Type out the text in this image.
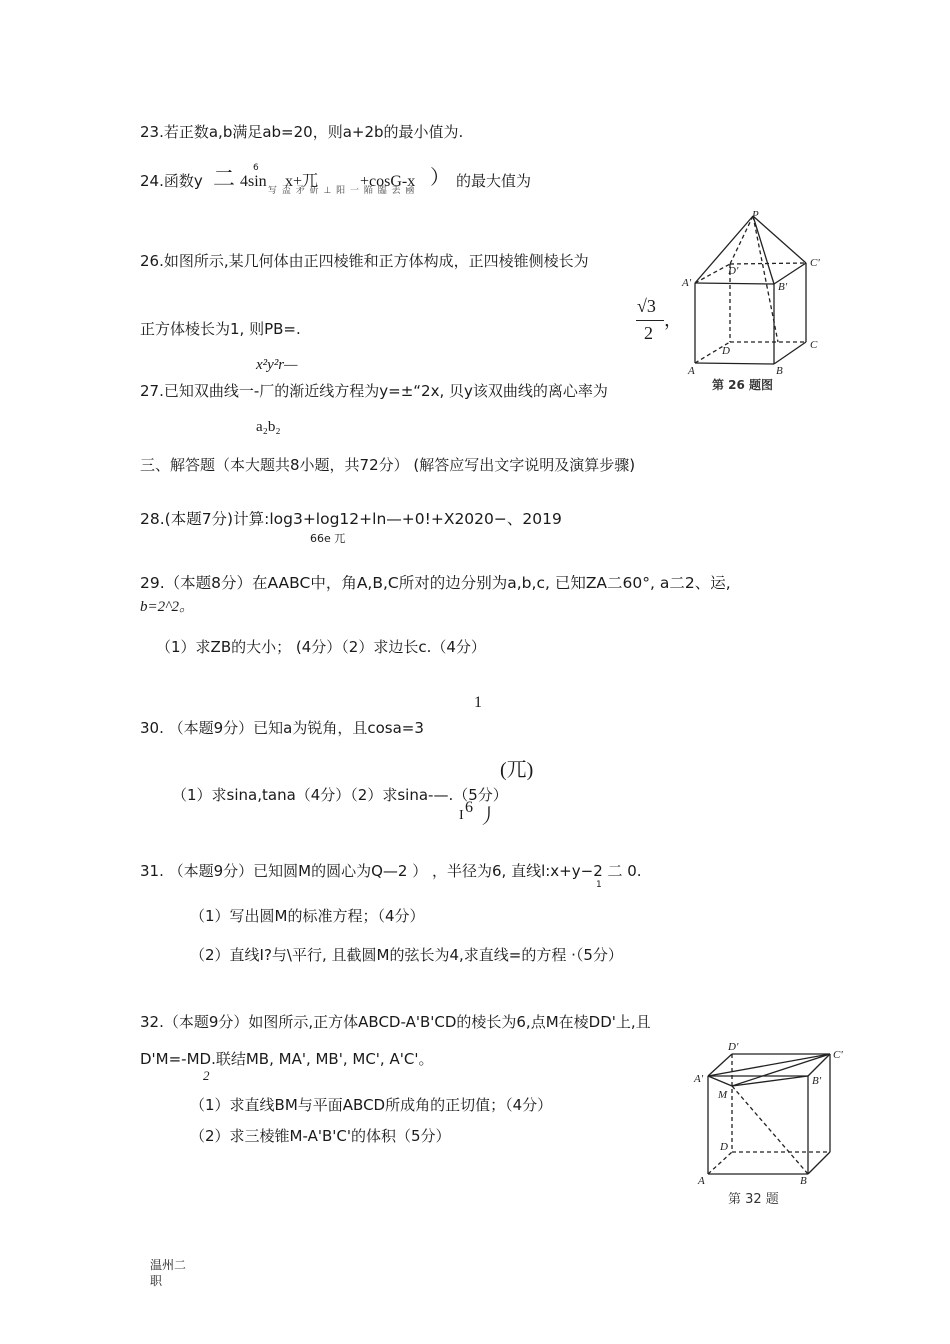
23.若正数a,b满足ab=20，则a+2b的最小值为.
24.函数y 二 4sin
6
x+兀	+cosG-x ） 的最大值为
写 盃 矛 斫 ⊥ 阳 一 陥 臨 丢 凾
26.如图所示,某几何体由正四棱锥和正方体构成，正四棱锥侧棱长为
正方体棱长为1, 则PB=.
√3
2
，
P
D'
C'
A'	B'
D	C
A	B
第 26 题图
x²y²r—
27.已知双曲线一-厂的渐近线方程为y=±“2x, 贝y该双曲线的离心率为
a₂b₂
三、解答题（本大题共8小题，共72分） (解答应写出文字说明及演算步骤)
28.(本题7分)计算:log3+log12+ln—+0!+X2020−、2019
66e 兀
29.（本题8分）在AABC中，角A,B,C所对的边分别为a,b,c, 已知ZA二60°, a二2、运,
b=2^2。
（1）求ZB的大小； (4分）（2）求边长c.（4分）
1
30. （本题9分）已知a为锐角，且cosa=3
(兀)
（1）求sina,tana（4分）（2）求sina-—.（5分）
I 6 丿
31. （本题9分）已知圆M的圆心为Q—2 ） ，半径为6, 直线l:x+y−2 二 0.
1
（1）写出圆M的标准方程；（4分）
（2）直线I?与\平行, 且截圆M的弦长为4,求直线=的方程 ·（5分）
32.（本题9分）如图所示,正方体ABCD-A'B'CD的棱长为6,点M在棱DD'上,且
D'M=-MD.联结MB, MA', MB', MC', A'C'。
2
（1）求直线BM与平面ABCD所成角的正切值；（4分）
（2）求三棱锥M-A'B'C'的体积（5分）
D'
A'	B'
C'
M
D
A	B
第 32 题
温州二
职
